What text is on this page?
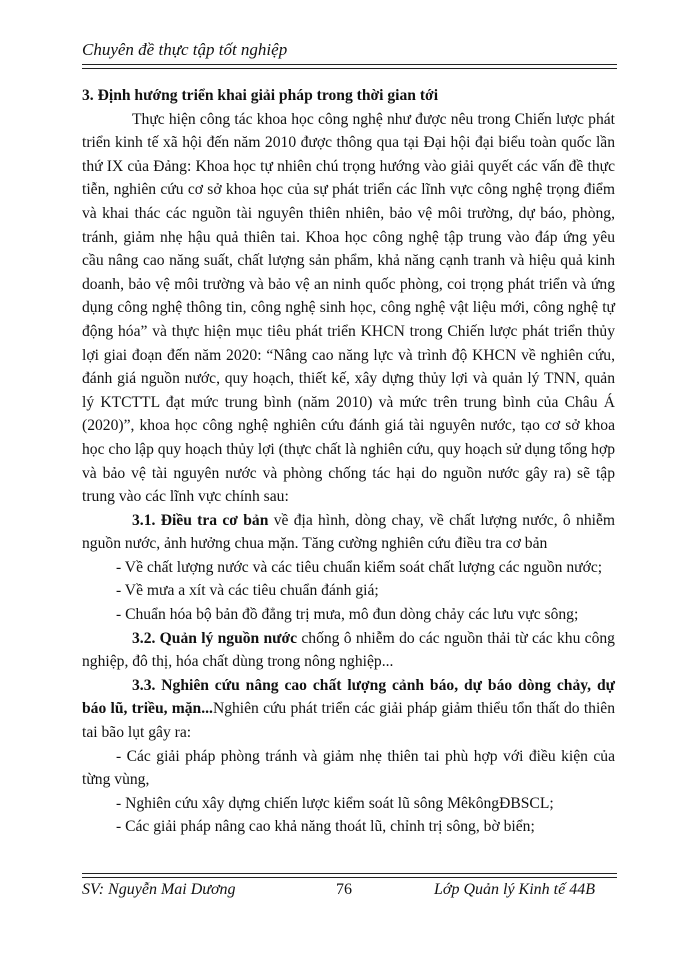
Chuyên đề thực tập tốt nghiệp

3. Định hướng triển khai giải pháp trong thời gian tới

Thực hiện công tác khoa học công nghệ như được nêu trong Chiến lược phát triển kinh tế xã hội đến năm 2010 được thông qua tại Đại hội đại biểu toàn quốc lần thứ IX của Đảng: Khoa học tự nhiên chú trọng hướng vào giải quyết các vấn đề thực tiễn, nghiên cứu cơ sở khoa học của sự phát triển các lĩnh vực công nghệ trọng điểm và khai thác các nguồn tài nguyên thiên nhiên, bảo vệ môi trường, dự báo, phòng, tránh, giảm nhẹ hậu quả thiên tai. Khoa học công nghệ tập trung vào đáp ứng yêu cầu nâng cao năng suất, chất lượng sản phẩm, khả năng cạnh tranh và hiệu quả kinh doanh, bảo vệ môi trường và bảo vệ an ninh quốc phòng, coi trọng phát triển và ứng dụng công nghệ thông tin, công nghệ sinh học, công nghệ vật liệu mới, công nghệ tự động hóa” và thực hiện mục tiêu phát triển KHCN trong Chiến lược phát triển thủy lợi giai đoạn đến năm 2020: “Nâng cao năng lực và trình độ KHCN về nghiên cứu, đánh giá nguồn nước, quy hoạch, thiết kế, xây dựng thủy lợi và quản lý TNN, quản lý KTCTTL đạt mức trung bình (năm 2010) và mức trên trung bình của Châu Á (2020)”, khoa học công nghệ nghiên cứu đánh giá tài nguyên nước, tạo cơ sở khoa học cho lập quy hoạch thủy lợi (thực chất là nghiên cứu, quy hoạch sử dụng tổng hợp và bảo vệ tài nguyên nước và phòng chống tác hại do nguồn nước gây ra) sẽ tập trung vào các lĩnh vực chính sau:

3.1. Điều tra cơ bản về địa hình, dòng chay, về chất lượng nước, ô nhiễm nguồn nước, ảnh hưởng chua mặn. Tăng cường nghiên cứu điều tra cơ bản

- Về chất lượng nước và các tiêu chuẩn kiểm soát chất lượng các nguồn nước;

- Về mưa a xít và các tiêu chuẩn đánh giá;

- Chuẩn hóa bộ bản đồ đẳng trị mưa, mô đun dòng chảy các lưu vực sông;

3.2. Quản lý nguồn nước chống ô nhiễm do các nguồn thải từ các khu công nghiệp, đô thị, hóa chất dùng trong nông nghiệp...

3.3. Nghiên cứu nâng cao chất lượng cảnh báo, dự báo dòng chảy, dự báo lũ, triều, mặn...Nghiên cứu phát triển các giải pháp giảm thiểu tổn thất do thiên tai bão lụt gây ra:

- Các giải pháp phòng tránh và giảm nhẹ thiên tai phù hợp với điều kiện của từng vùng,

- Nghiên cứu xây dựng chiến lược kiểm soát lũ sông MêkôngĐBSCL;

- Các giải pháp nâng cao khả năng thoát lũ, chỉnh trị sông, bờ biển;

SV: Nguyễn Mai Dương	76	Lớp Quản lý Kinh tế 44B
